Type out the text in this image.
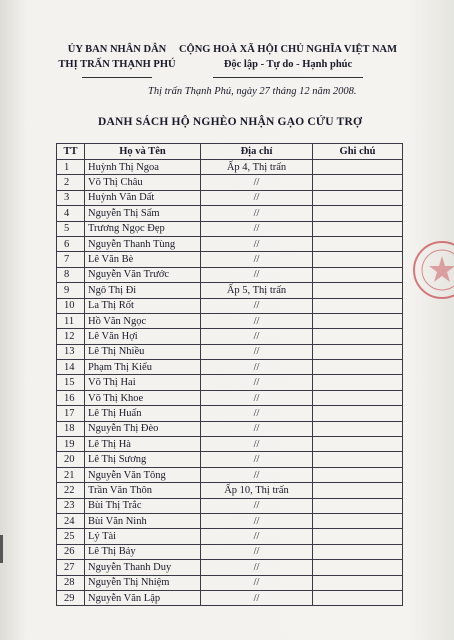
ỦY BAN NHÂN DÂN
THỊ TRẤN THẠNH PHÚ
CỘNG HOÀ XÃ HỘI CHỦ NGHĨA VIỆT NAM
Độc lập - Tự do - Hạnh phúc
Thị trấn Thạnh Phú, ngày 27 tháng 12 năm 2008.
DANH SÁCH HỘ NGHÈO NHẬN GẠO CỨU TRỢ
TT	Họ và Tên	Địa chỉ	Ghi chú
1	Huỳnh Thị Ngoa	Ấp 4, Thị trấn	
2	Võ Thị Châu	//	
3	Huỳnh Văn Dất	//	
4	Nguyễn Thị Sấm	//	
5	Trương Ngọc Đẹp	//	
6	Nguyễn Thanh Tùng	//	
7	Lê Văn Bè	//	
8	Nguyễn Văn Trước	//	
9	Ngô Thị Đi	Ấp 5, Thị trấn	
10	La Thị Rốt	//	
11	Hồ Văn Ngọc	//	
12	Lê Văn Hợi	//	
13	Lê Thị Nhiều	//	
14	Phạm Thị Kiểu	//	
15	Võ Thị Hai	//	
16	Võ Thị Khoe	//	
17	Lê Thị Huấn	//	
18	Nguyễn Thị Đèo	//	
19	Lê Thị Hà	//	
20	Lê Thị Sương	//	
21	Nguyễn Văn Tông	//	
22	Trần Văn Thôn	Ấp 10, Thị trấn	
23	Bùi Thị Trắc	//	
24	Bùi Văn Ninh	//	
25	Lý Tài	//	
26	Lê Thị Bảy	//	
27	Nguyễn Thanh Duy	//	
28	Nguyễn Thị Nhiệm	//	
29	Nguyễn Văn Lập	//	
